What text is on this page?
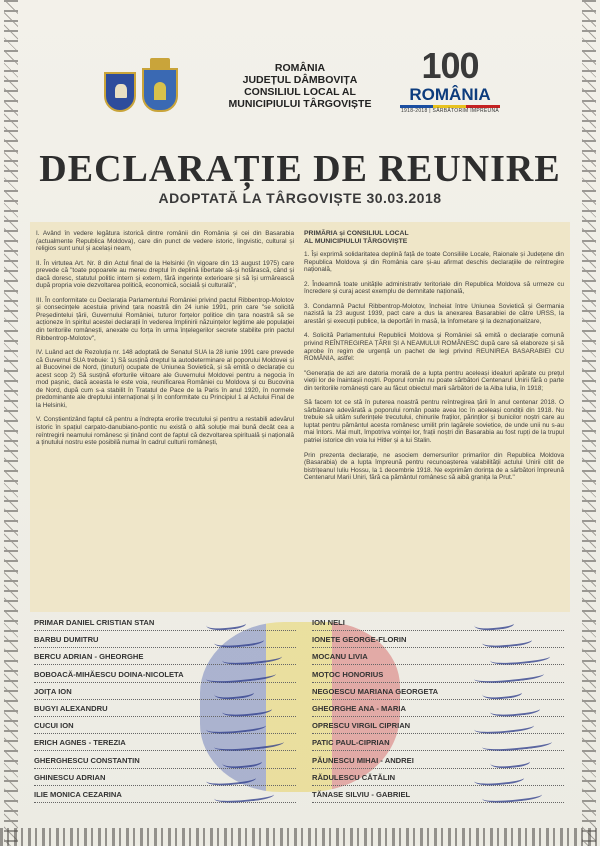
ROMÂNIA
JUDEȚUL DÂMBOVIȚA
CONSILIUL LOCAL AL
MUNICIPIULUI TÂRGOVIȘTE
100
ROMÂNIA
1918-2018 | SĂRBĂTORIM ÎMPREUNĂ
DECLARAȚIE DE REUNIRE
ADOPTATĂ LA TÂRGOVIȘTE 30.03.2018

I. Având în vedere legătura istorică dintre românii din România și cei din Basarabia (actualmente Republica Moldova), care din punct de vedere istoric, lingvistic, cultural și religios sunt unul și același neam,

II. În virtutea Art. Nr. 8 din Actul final de la Helsinki (în vigoare din 13 august 1975) care prevede că "toate popoarele au mereu dreptul în deplină libertate să-și hotărască, când și dacă doresc, statutul politic intern și extern, fără ingerințe exterioare și să își urmărească după propria voie dezvoltarea politică, economică, socială și culturală",

III. În conformitate cu Declarația Parlamentului României privind pactul Ribbentrop-Molotov și consecințele acestuia privind țara noastră din 24 iunie 1991, prin care "se solicită Președintelui țării, Guvernului României, tuturor forțelor politice din țara noastră să se acționeze în spiritul acestei declarații în vederea împlinirii năzuințelor legitime ale populației din teritoriile românești, anexate cu forța în urma înțelegerilor secrete stabilite prin pactul Ribbentrop-Molotov",

IV. Luând act de Rezoluția nr. 148 adoptată de Senatul SUA la 28 iunie 1991 care prevede că Guvernul SUA trebuie: 1) Să susțină dreptul la autodeterminare al poporului Moldovei și al Bucovinei de Nord, (ținuturi) ocupate de Uniunea Sovietică, și să emită o declarație cu acest scop 2) Să susțină eforturile viitoare ale Guvernului Moldovei pentru a negocia în mod pașnic, dacă aceasta le este voia, reunificarea României cu Moldova și cu Bucovina de Nord, după cum s-a stabilit în Tratatul de Pace de la Paris în anul 1920, în normele predominante ale dreptului internațional și în conformitate cu Principiul 1 al Actului Final de la Helsinki,

V. Conștientizând faptul că pentru a îndrepta erorile trecutului și pentru a restabili adevărul istoric în spațiul carpato-danubiano-pontic nu există o altă soluție mai bună decât cea a reîntregirii neamului românesc și ținând cont de faptul că dezvoltarea spirituală și națională a ținutului nostru este posibilă numai în cadrul culturii românești,

PRIMĂRIA și CONSILIUL LOCAL
AL MUNICIPIULUI TÂRGOVIȘTE

1. Își exprimă solidaritatea deplină față de toate Consiliile Locale, Raionale și Județene din Republica Moldova și din România care și-au afirmat deschis declarațiile de reîntregire națională,

2. Îndeamnă toate unitățile administrativ teritoriale din Republica Moldova să urmeze cu încredere și curaj acest exemplu de demnitate națională,

3. Condamnă Pactul Ribbentrop-Molotov, încheiat între Uniunea Sovietică și Germania nazistă la 23 august 1939, pact care a dus la anexarea Basarabiei de către URSS, la arestări și execuții publice, la deportări în masă, la înfometare și la deznaționalizare,

4. Solicită Parlamentului Republicii Moldova și României să emită o declarație comună privind REÎNTREGIREA ȚĂRII ȘI A NEAMULUI ROMÂNESC după care să elaboreze și să aprobe în regim de urgență un pachet de legi privind REUNIREA BASARABIEI CU ROMÂNIA, astfel:

"Generația de azi are datoria morală de a lupta pentru aceleași idealuri apărate cu prețul vieții lor de înaintașii noștri. Poporul român nu poate sărbători Centenarul Unirii fără o parte din teritoriile românești care au făcut obiectul marii sărbători de la Alba Iulia, în 1918;

Să facem tot ce stă în puterea noastră pentru reîntregirea țării în anul centenar 2018. O sărbătoare adevărată a poporului român poate avea loc în aceleași condiții din 1918. Nu trebuie să uităm suferințele trecutului, chinurile fraților, părinților și bunicilor noștri care au luptat pentru pământul acesta românesc umilit prin lagărele sovietice, de unde unii nu s-au mai întors. Mai mult, împotriva voinței lor, frații noștri din Basarabia au fost rupți de la trupul patriei istorice din voia lui Hitler și a lui Stalin.

Prin prezenta declarație, ne asociem demersurilor primarilor din Republica Moldova (Basarabia) de a lupta împreună pentru recunoașterea valabilității actului Unirii citit de bistrițeanul Iuliu Hossu, la 1 decembrie 1918. Ne exprimăm dorința de a sărbători împreună Centenarul Marii Uniri, fără ca pământul românesc să aibă granița la Prut."

PRIMAR DANIEL CRISTIAN STAN
BARBU DUMITRU
BERCU ADRIAN - GHEORGHE
BOBOACĂ-MIHĂESCU DOINA-NICOLETA
JOIȚA ION
BUGYI ALEXANDRU
CUCUI ION
ERICH AGNES - TEREZIA
GHERGHESCU CONSTANTIN
GHINESCU ADRIAN
ILIE MONICA CEZARINA
ION NELI
IONETE GEORGE-FLORIN
MOCANU LIVIA
MOȚOC HONORIUS
NEGOESCU MARIANA GEORGETA
GHEORGHE ANA - MARIA
OPRESCU VIRGIL CIPRIAN
PATIC PAUL-CIPRIAN
PĂUNESCU MIHAI - ANDREI
RĂDULESCU CĂTĂLIN
TĂNASE SILVIU - GABRIEL
